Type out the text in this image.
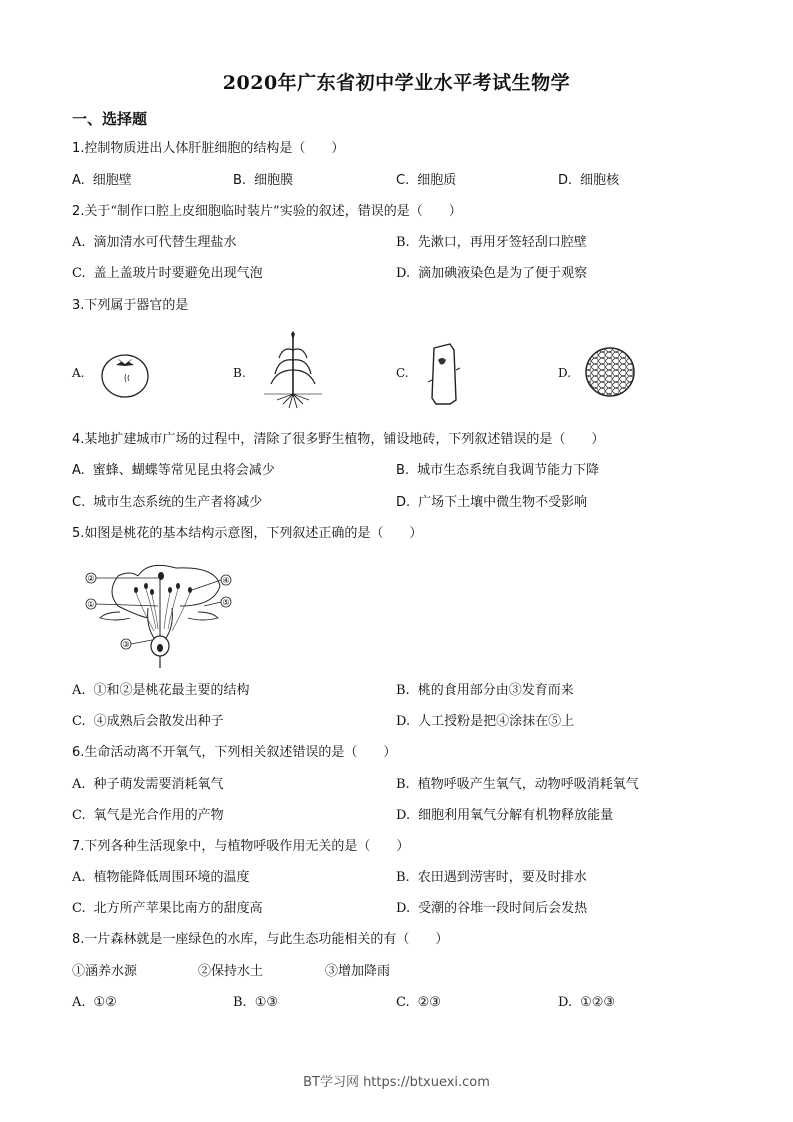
2020年广东省初中学业水平考试生物学
一、选择题
1.控制物质进出人体肝脏细胞的结构是（　　）
A. 细胞壁	B. 细胞膜	C. 细胞质	D. 细胞核
2.关于“制作口腔上皮细胞临时装片”实验的叙述，错误的是（　　）
A. 滴加清水可代替生理盐水	B. 先漱口，再用牙签轻刮口腔壁
C. 盖上盖玻片时要避免出现气泡	D. 滴加碘液染色是为了便于观察
3.下列属于器官的是
A.	B.	C.	D.
4.某地扩建城市广场的过程中，清除了很多野生植物，铺设地砖，下列叙述错误的是（　　）
A. 蜜蜂、蝴蝶等常见昆虫将会减少	B. 城市生态系统自我调节能力下降
C. 城市生态系统的生产者将减少	D. 广场下土壤中微生物不受影响
5.如图是桃花的基本结构示意图，下列叙述正确的是（　　）
②
①
③
④
⑤
A. ①和②是桃花最主要的结构	B. 桃的食用部分由③发育而来
C. ④成熟后会散发出种子	D. 人工授粉是把④涂抹在⑤上
6.生命活动离不开氧气，下列相关叙述错误的是（　　）
A. 种子萌发需要消耗氧气	B. 植物呼吸产生氧气，动物呼吸消耗氧气
C. 氧气是光合作用的产物	D. 细胞利用氧气分解有机物释放能量
7.下列各种生活现象中，与植物呼吸作用无关的是（　　）
A. 植物能降低周围环境的温度	B. 农田遇到涝害时，要及时排水
C. 北方所产苹果比南方的甜度高	D. 受潮的谷堆一段时间后会发热
8.一片森林就是一座绿色的水库，与此生态功能相关的有（　　）
①涵养水源	②保持水土	③增加降雨
A. ①②	B. ①③	C. ②③	D. ①②③
BT学习网 https://btxuexi.com
